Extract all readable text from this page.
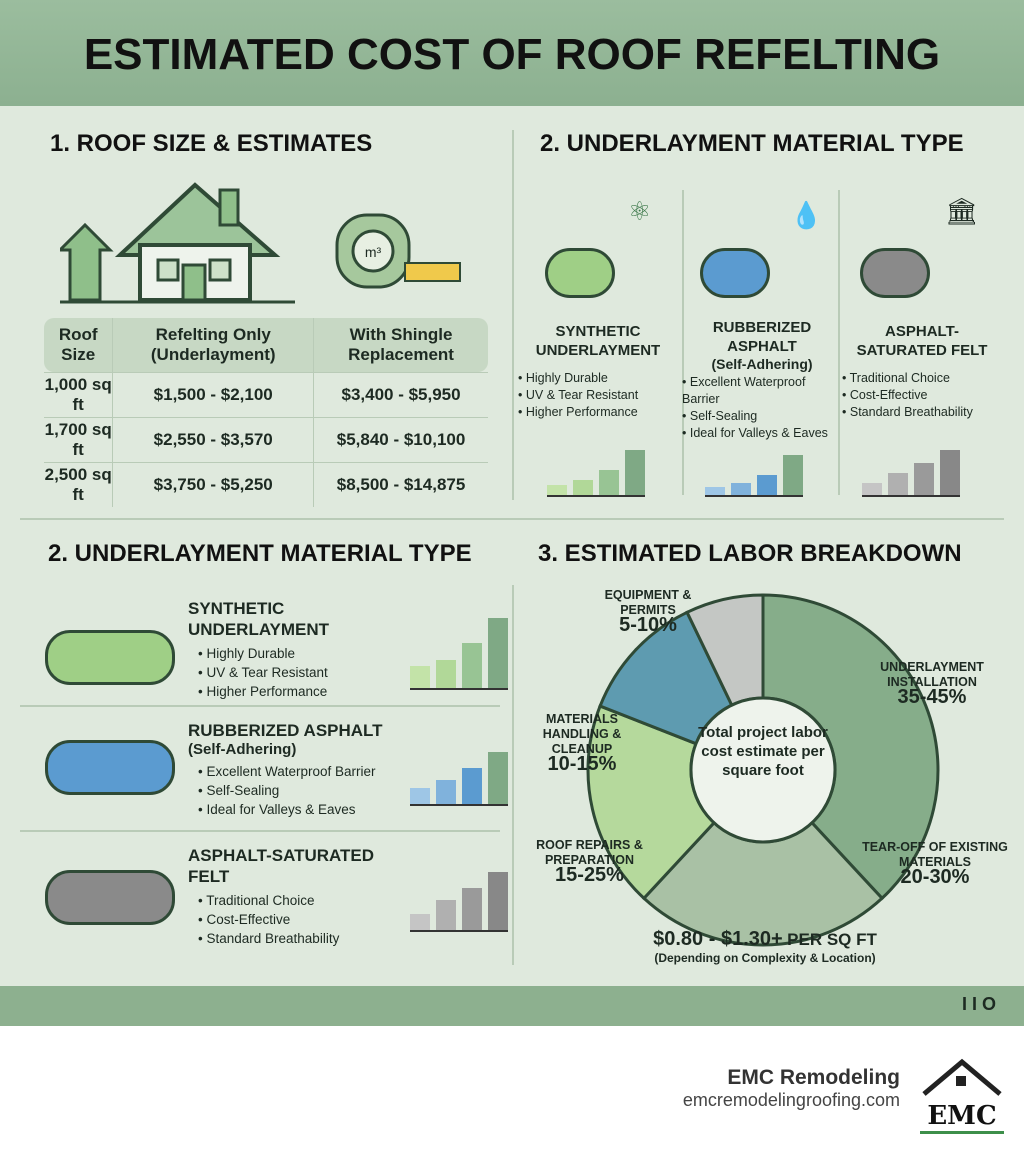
ESTIMATED COST OF ROOF REFELTING
1. ROOF SIZE & ESTIMATES
m³
Roof Size	Refelting Only (Underlayment)	With Shingle Replacement
1,000 sq ft	$1,500 - $2,100	$3,400 - $5,950
1,700 sq ft	$2,550 - $3,570	$5,840 - $10,100
2,500 sq ft	$3,750 - $5,250	$8,500 - $14,875
2. UNDERLAYMENT MATERIAL TYPE
⚛
SYNTHETIC UNDERLAYMENT
• Highly Durable
• UV & Tear Resistant
• Higher Performance
💧
RUBBERIZED ASPHALT
(Self-Adhering)
• Excellent Waterproof Barrier
• Self-Sealing
• Ideal for Valleys & Eaves
🏛
ASPHALT-SATURATED FELT
• Traditional Choice
• Cost-Effective
• Standard Breathability
2. UNDERLAYMENT MATERIAL TYPE
SYNTHETIC UNDERLAYMENT
• Highly Durable
• UV & Tear Resistant
• Higher Performance
RUBBERIZED ASPHALT
(Self-Adhering)
• Excellent Waterproof Barrier
• Self-Sealing
• Ideal for Valleys & Eaves
ASPHALT-SATURATED FELT
• Traditional Choice
• Cost-Effective
• Standard Breathability
3. ESTIMATED LABOR BREAKDOWN
Total project labor cost estimate per square foot
EQUIPMENT & PERMITS
5-10%
UNDERLAYMENT INSTALLATION
35-45%
MATERIALS HANDLING & CLEANUP
10-15%
ROOF REPAIRS & PREPARATION
15-25%
TEAR-OFF OF EXISTING MATERIALS
20-30%
$0.80 - $1.30+ PER SQ FT
(Depending on Complexity & Location)
I I O
EMC Remodeling
emcremodelingroofing.com
EMC
